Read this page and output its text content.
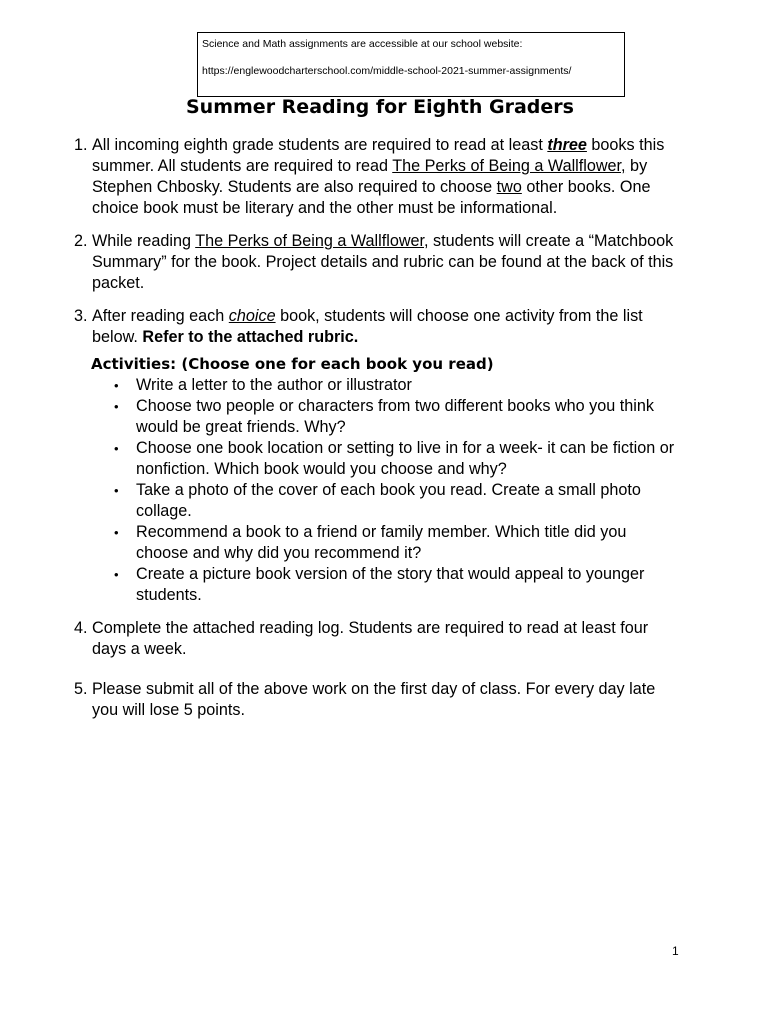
Science and Math assignments are accessible at our school website:

https://englewoodcharterschool.com/middle-school-2021-summer-assignments/

Summer Reading for Eighth Graders
1. All incoming eighth grade students are required to read at least three books this summer. All students are required to read The Perks of Being a Wallflower, by Stephen Chbosky. Students are also required to choose two other books. One choice book must be literary and the other must be informational.
2. While reading The Perks of Being a Wallflower, students will create a “Matchbook Summary” for the book. Project details and rubric can be found at the back of this packet.
3. After reading each choice book, students will choose one activity from the list below. Refer to the attached rubric.

Activities: (Choose one for each book you read)

• Write a letter to the author or illustrator
• Choose two people or characters from two different books who you think would be great friends. Why?
• Choose one book location or setting to live in for a week- it can be fiction or nonfiction. Which book would you choose and why?
• Take a photo of the cover of each book you read. Create a small photo collage.
• Recommend a book to a friend or family member. Which title did you choose and why did you recommend it?
• Create a picture book version of the story that would appeal to younger students.
4. Complete the attached reading log. Students are required to read at least four days a week.
5. Please submit all of the above work on the first day of class. For every day late you will lose 5 points.
1
